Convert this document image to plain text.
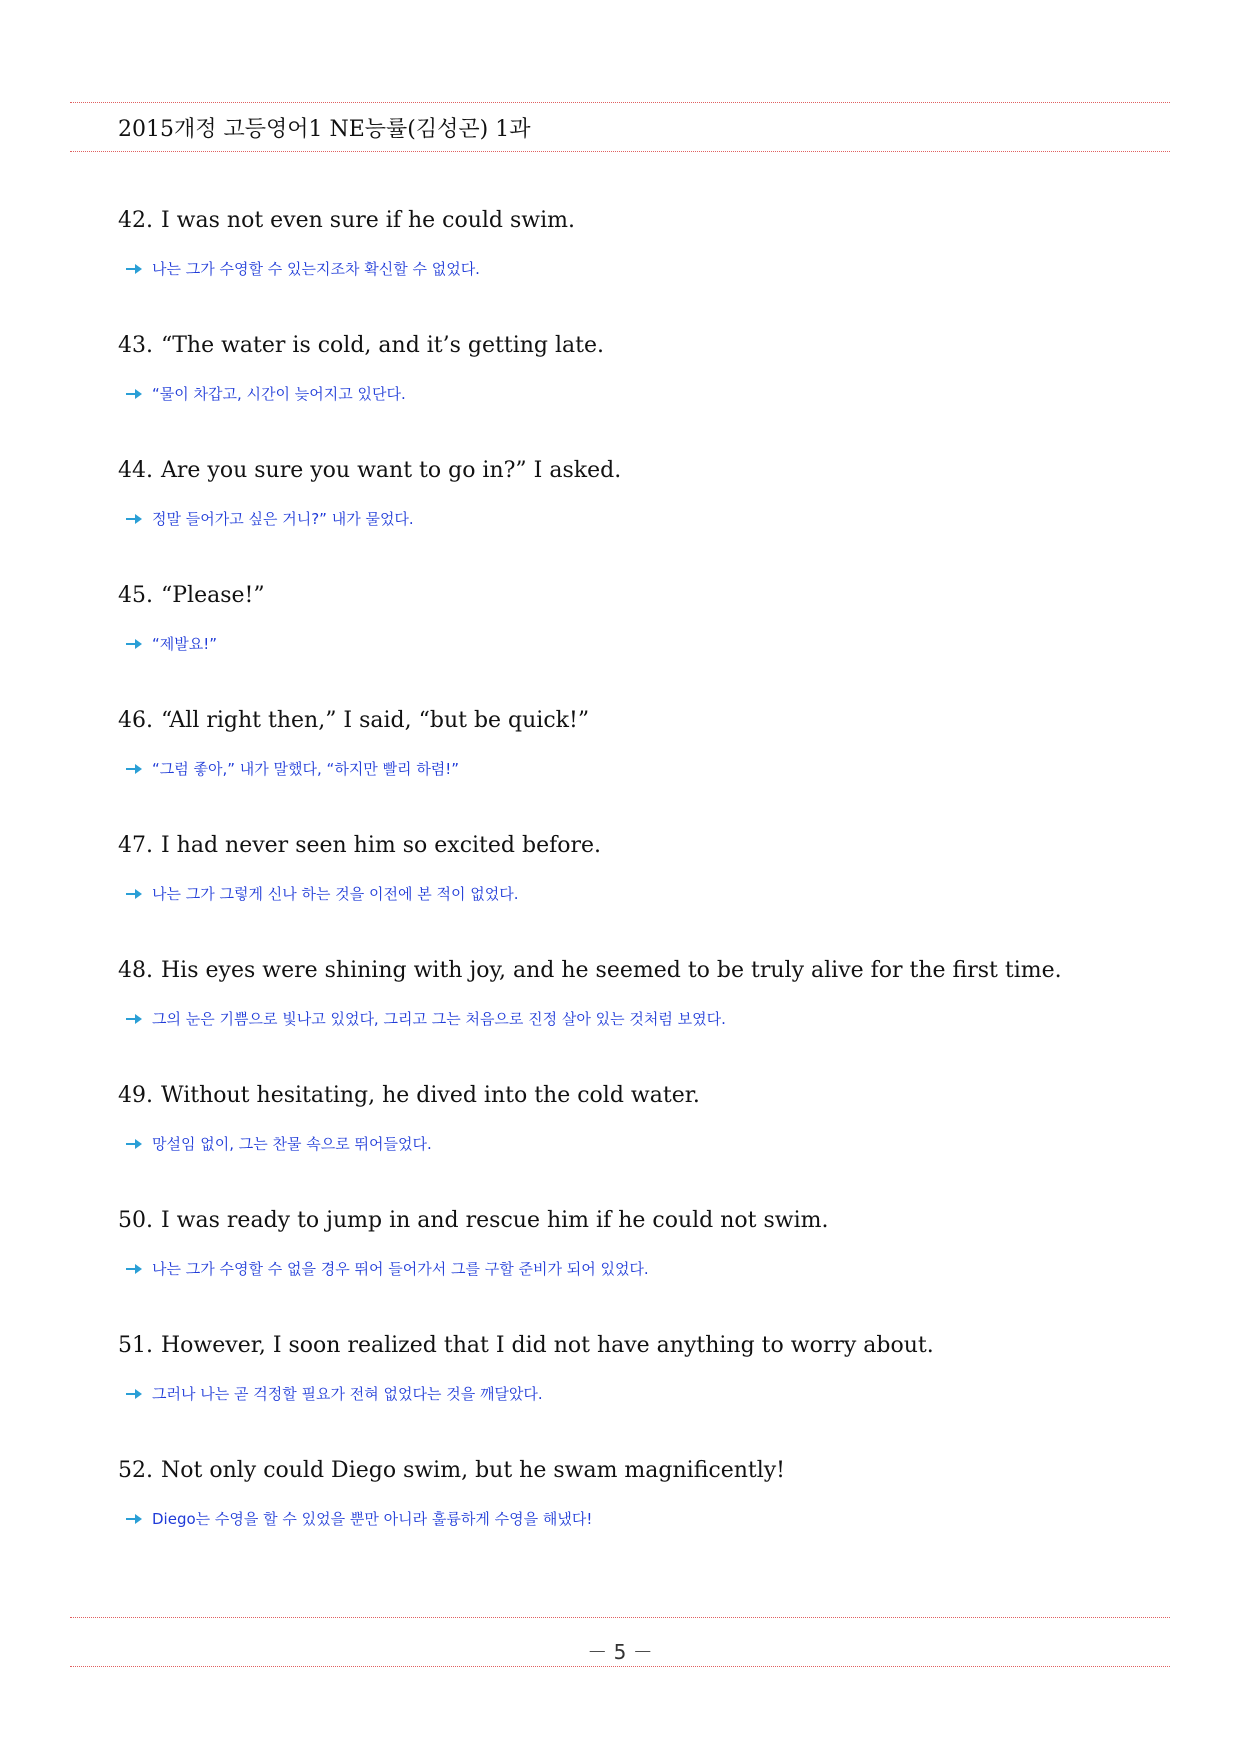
2015개정 고등영어1 NE능률(김성곤) 1과
42. I was not even sure if he could swim.
나는 그가 수영할 수 있는지조차 확신할 수 없었다.
43. “The water is cold, and it’s getting late.
“물이 차갑고, 시간이 늦어지고 있단다.
44. Are you sure you want to go in?” I asked.
정말 들어가고 싶은 거니?” 내가 물었다.
45. “Please!”
“제발요!”
46. “All right then,” I said, “but be quick!”
“그럼 좋아,” 내가 말했다, “하지만 빨리 하렴!”
47. I had never seen him so excited before.
나는 그가 그렇게 신나 하는 것을 이전에 본 적이 없었다.
48. His eyes were shining with joy, and he seemed to be truly alive for the first time.
그의 눈은 기쁨으로 빛나고 있었다, 그리고 그는 처음으로 진정 살아 있는 것처럼 보였다.
49. Without hesitating, he dived into the cold water.
망설임 없이, 그는 찬물 속으로 뛰어들었다.
50. I was ready to jump in and rescue him if he could not swim.
나는 그가 수영할 수 없을 경우 뛰어 들어가서 그를 구할 준비가 되어 있었다.
51. However, I soon realized that I did not have anything to worry about.
그러나 나는 곧 걱정할 필요가 전혀 없었다는 것을 깨달았다.
52. Not only could Diego swim, but he swam magnificently!
Diego는 수영을 할 수 있었을 뿐만 아니라 훌륭하게 수영을 해냈다!
－ 5 －
